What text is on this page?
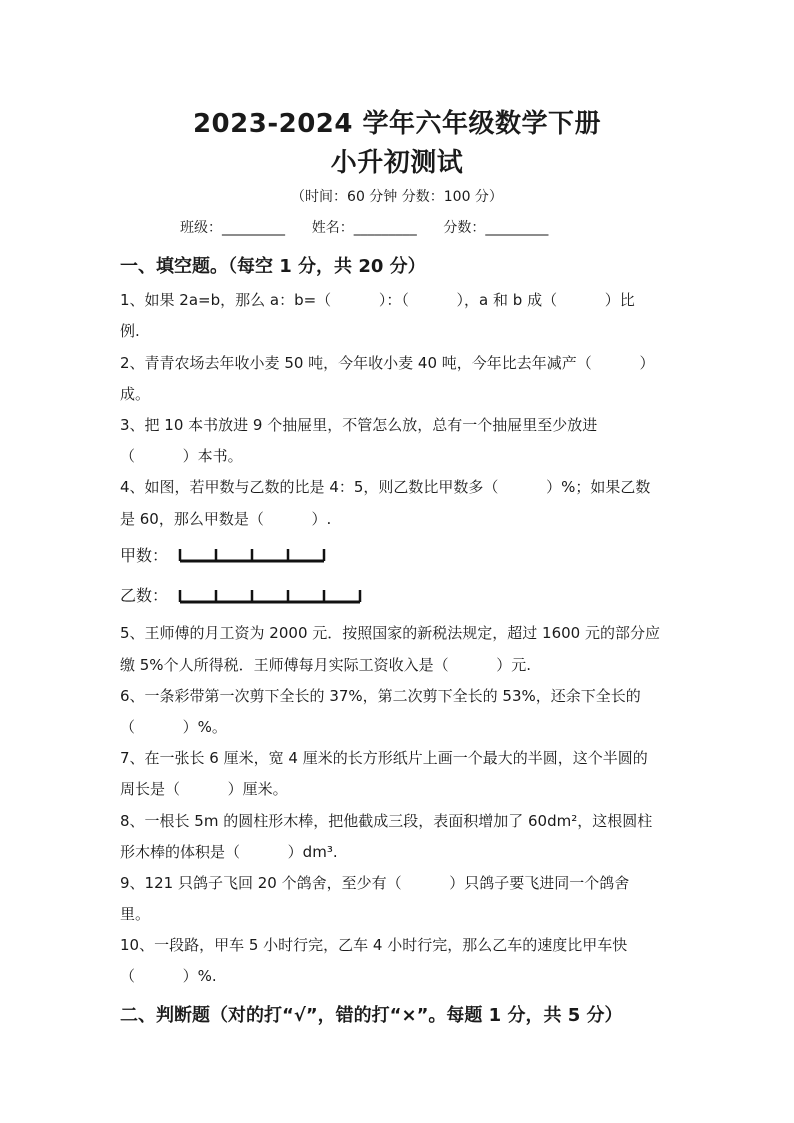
2023-2024 学年六年级数学下册
小升初测试
（时间：60 分钟 分数：100 分）
班级：_________      姓名：_________      分数：_________
一、填空题。（每空 1 分，共 20 分）
1、如果 2a=b，那么 a：b=（          ）：（          ），a 和 b 成（          ）比
例.
2、青青农场去年收小麦 50 吨，今年收小麦 40 吨，今年比去年减产（          ）
成。
3、把 10 本书放进 9 个抽屉里，不管怎么放，总有一个抽屉里至少放进
（          ）本书。
4、如图，若甲数与乙数的比是 4：5，则乙数比甲数多（          ）%；如果乙数
是 60，那么甲数是（          ）.
甲数：
乙数：
5、王师傅的月工资为 2000 元．按照国家的新税法规定，超过 1600 元的部分应
缴 5%个人所得税．王师傅每月实际工资收入是（          ）元.
6、一条彩带第一次剪下全长的 37%，第二次剪下全长的 53%，还余下全长的
（          ）%。
7、在一张长 6 厘米，宽 4 厘米的长方形纸片上画一个最大的半圆，这个半圆的
周长是（          ）厘米。
8、一根长 5m 的圆柱形木棒，把他截成三段，表面积增加了 60dm²，这根圆柱
形木棒的体积是（          ）dm³.
9、121 只鸽子飞回 20 个鸽舍，至少有（          ）只鸽子要飞进同一个鸽舍
里。
10、一段路，甲车 5 小时行完，乙车 4 小时行完，那么乙车的速度比甲车快
（          ）%.
二、判断题（对的打“√”，错的打“×”。每题 1 分，共 5 分）
